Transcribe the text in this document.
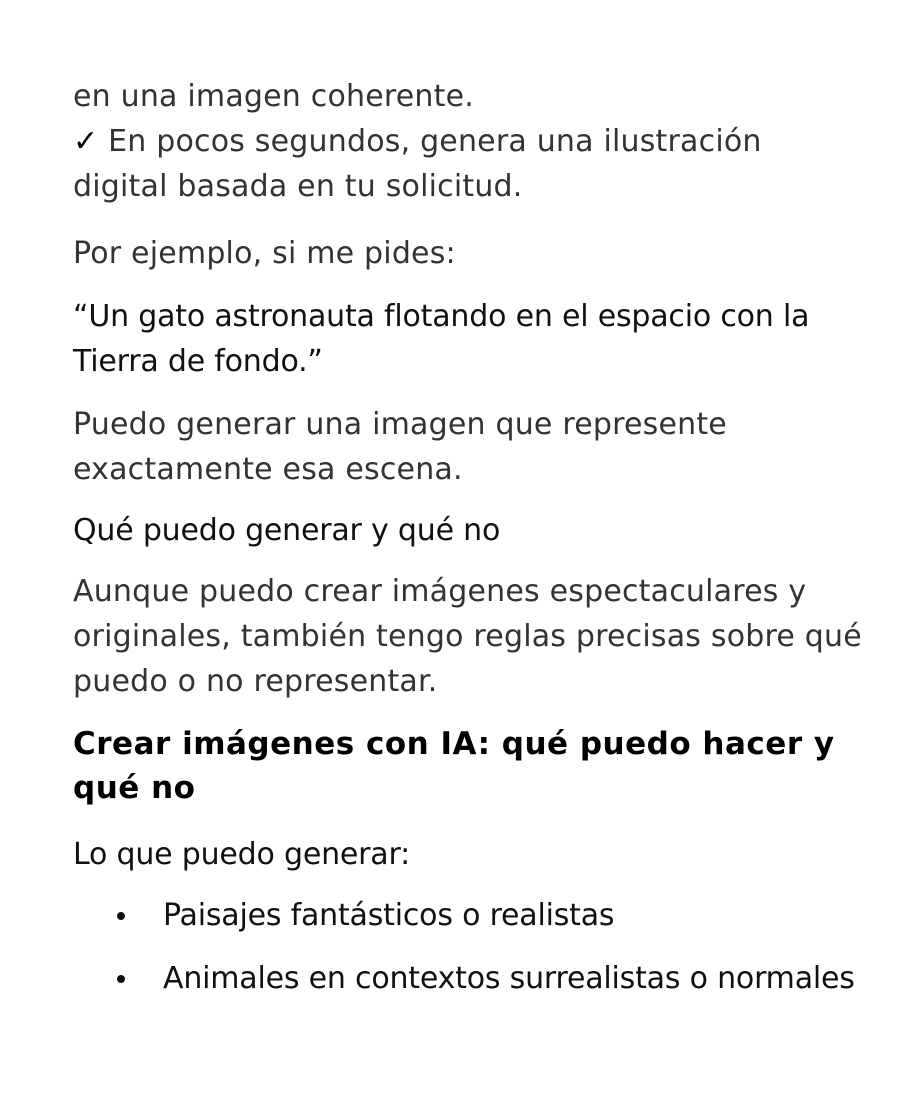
en una imagen coherente.

✓ En pocos segundos, genera una ilustración digital basada en tu solicitud.

Por ejemplo, si me pides:

“Un gato astronauta flotando en el espacio con la Tierra de fondo.”

Puedo generar una imagen que represente exactamente esa escena.

Qué puedo generar y qué no

Aunque puedo crear imágenes espectaculares y originales, también tengo reglas precisas sobre qué puedo o no representar.

Crear imágenes con IA: qué puedo hacer y qué no

Lo que puedo generar:

Paisajes fantásticos o realistas
Animales en contextos surrealistas o normales
